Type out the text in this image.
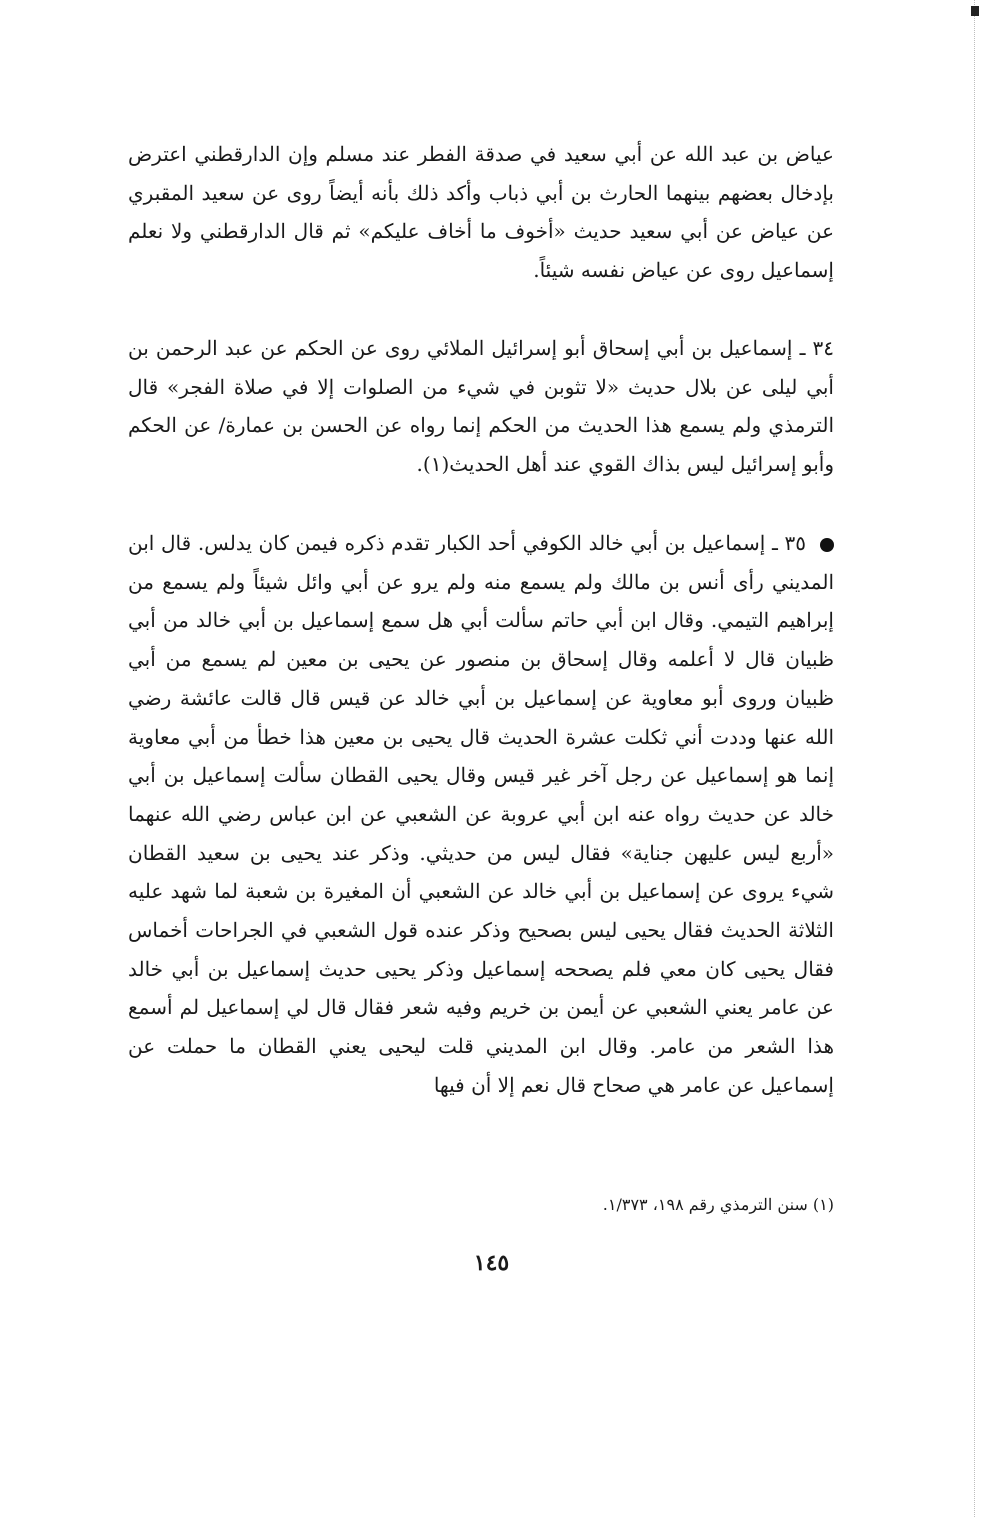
عياض بن عبد الله عن أبي سعيد في صدقة الفطر عند مسلم وإن الدارقطني اعترض بإدخال بعضهم بينهما الحارث بن أبي ذباب وأكد ذلك بأنه أيضاً روى عن سعيد المقبري عن عياض عن أبي سعيد حديث «أخوف ما أخاف عليكم» ثم قال الدارقطني ولا نعلم إسماعيل روى عن عياض نفسه شيئاً.

٣٤ ـ إسماعيل بن أبي إسحاق أبو إسرائيل الملائي روى عن الحكم عن عبد الرحمن بن أبي ليلى عن بلال حديث «لا تثوبن في شيء من الصلوات إلا في صلاة الفجر» قال الترمذي ولم يسمع هذا الحديث من الحكم إنما رواه عن الحسن بن عمارة/ عن الحكم وأبو إسرائيل ليس بذاك القوي عند أهل الحديث(١).

٣٥ ـ إسماعيل بن أبي خالد الكوفي أحد الكبار تقدم ذكره فيمن كان يدلس. قال ابن المديني رأى أنس بن مالك ولم يسمع منه ولم يرو عن أبي وائل شيئاً ولم يسمع من إبراهيم التيمي. وقال ابن أبي حاتم سألت أبي هل سمع إسماعيل بن أبي خالد من أبي ظبيان قال لا أعلمه وقال إسحاق بن منصور عن يحيى بن معين لم يسمع من أبي ظبيان وروى أبو معاوية عن إسماعيل بن أبي خالد عن قيس قال قالت عائشة رضي الله عنها وددت أني ثكلت عشرة الحديث قال يحيى بن معين هذا خطأ من أبي معاوية إنما هو إسماعيل عن رجل آخر غير قيس وقال يحيى القطان سألت إسماعيل بن أبي خالد عن حديث رواه عنه ابن أبي عروبة عن الشعبي عن ابن عباس رضي الله عنهما «أربع ليس عليهن جناية» فقال ليس من حديثي. وذكر عند يحيى بن سعيد القطان شيء يروى عن إسماعيل بن أبي خالد عن الشعبي أن المغيرة بن شعبة لما شهد عليه الثلاثة الحديث فقال يحيى ليس بصحيح وذكر عنده قول الشعبي في الجراحات أخماس فقال يحيى كان معي فلم يصححه إسماعيل وذكر يحيى حديث إسماعيل بن أبي خالد عن عامر يعني الشعبي عن أيمن بن خريم وفيه شعر فقال قال لي إسماعيل لم أسمع هذا الشعر من عامر. وقال ابن المديني قلت ليحيى يعني القطان ما حملت عن إسماعيل عن عامر هي صحاح قال نعم إلا أن فيها

(١) سنن الترمذي رقم ١٩٨، ١/٣٧٣.
١٤٥
